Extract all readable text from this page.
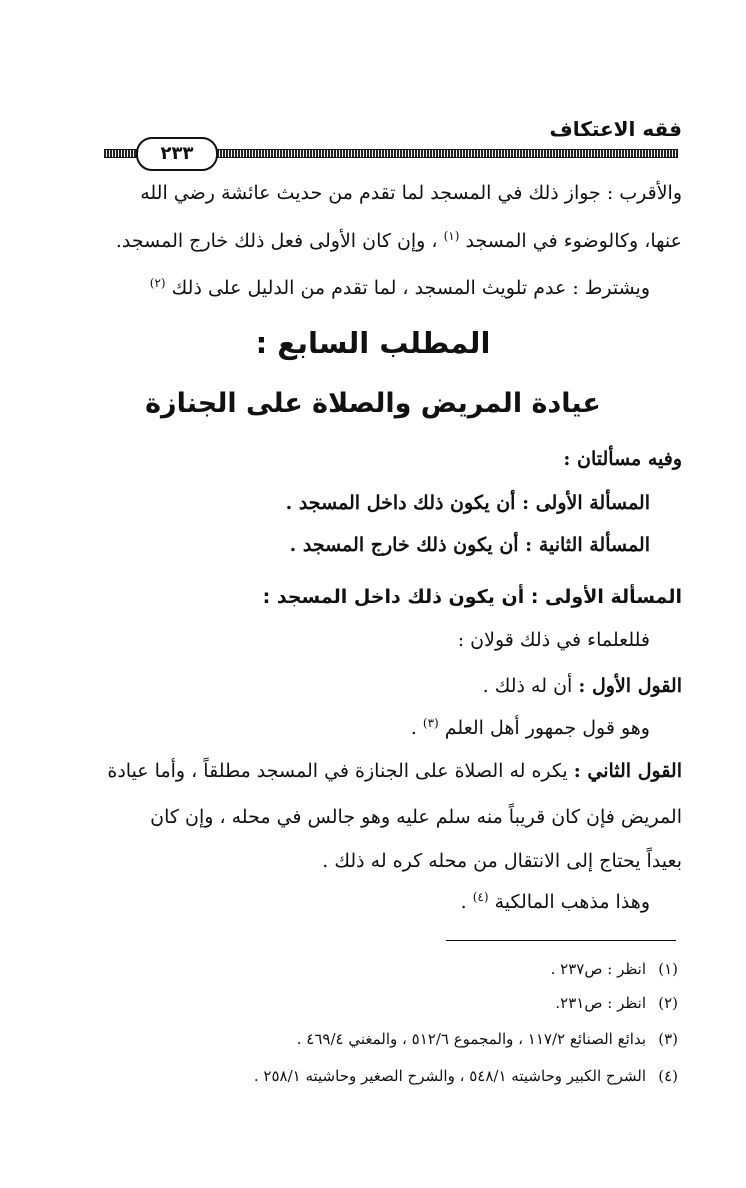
فقه الاعتكاف
٢٣٣
والأقرب : جواز ذلك في المسجد لما تقدم من حديث عائشة رضي الله
عنها، وكالوضوء في المسجد $^{(١)}$ ، وإن كان الأولى فعل ذلك خارج المسجد.
ويشترط : عدم تلويث المسجد ، لما تقدم من الدليل على ذلك $^{(٢)}$
المطلب السابع :
عيادة المريض والصلاة على الجنازة
وفيه مسألتان :
المسألة الأولى : أن يكون ذلك داخل المسجد .
المسألة الثانية : أن يكون ذلك خارج المسجد .
المسألة الأولى : أن يكون ذلك داخل المسجد :
فللعلماء في ذلك قولان :
القول الأول : أن له ذلك .
وهو قول جمهور أهل العلم $^{(٣)}$ .
القول الثاني : يكره له الصلاة على الجنازة في المسجد مطلقاً ، وأما عيادة
المريض فإن كان قريباً منه سلم عليه وهو جالس في محله ، وإن كان
بعيداً يحتاج إلى الانتقال من محله كره له ذلك .
وهذا مذهب المالكية $^{(٤)}$ .
(١)انظر : ص٢٣٧ .
(٢)انظر : ص٢٣١.
(٣)بدائع الصنائع ١١٧/٢ ، والمجموع ٥١٢/٦ ، والمغني ٤٦٩/٤ .
(٤)الشرح الكبير وحاشيته ٥٤٨/١ ، والشرح الصغير وحاشيته ٢٥٨/١ .
